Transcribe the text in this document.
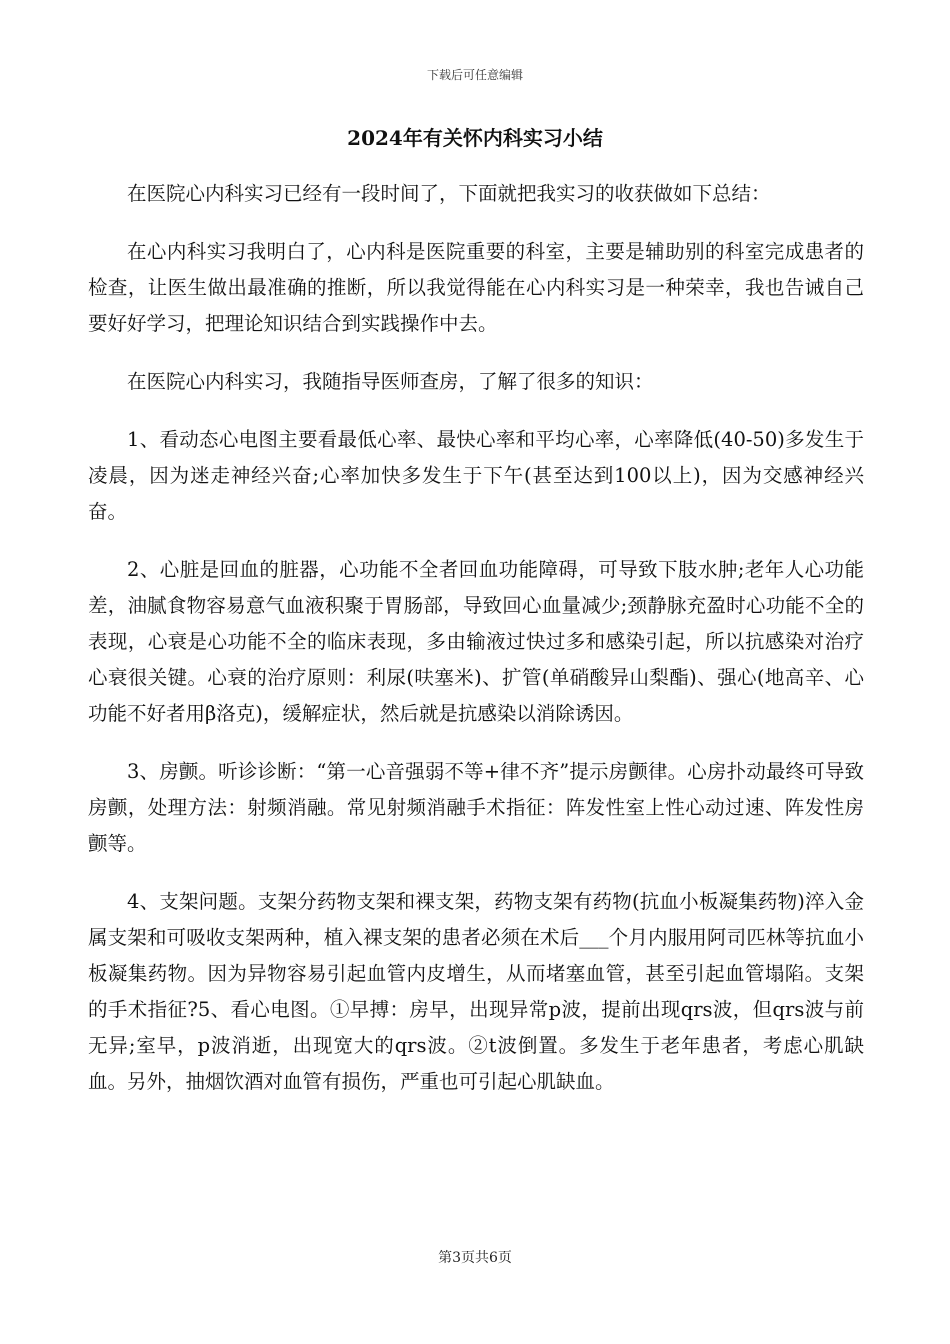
下载后可任意编辑
2024年有关怀内科实习小结

在医院心内科实习已经有一段时间了，下面就把我实习的收获做如下总结：

在心内科实习我明白了，心内科是医院重要的科室，主要是辅助别的科室完成患者的检查，让医生做出最准确的推断，所以我觉得能在心内科实习是一种荣幸，我也告诫自己要好好学习，把理论知识结合到实践操作中去。

在医院心内科实习，我随指导医师查房，了解了很多的知识：

1、看动态心电图主要看最低心率、最快心率和平均心率，心率降低(40-50)多发生于凌晨，因为迷走神经兴奋;心率加快多发生于下午(甚至达到100以上)，因为交感神经兴奋。

2、心脏是回血的脏器，心功能不全者回血功能障碍，可导致下肢水肿;老年人心功能差，油腻食物容易意气血液积聚于胃肠部，导致回心血量减少;颈静脉充盈时心功能不全的表现，心衰是心功能不全的临床表现，多由输液过快过多和感染引起，所以抗感染对治疗心衰很关键。心衰的治疗原则：利尿(呋塞米)、扩管(单硝酸异山梨酯)、强心(地高辛、心功能不好者用β洛克)，缓解症状，然后就是抗感染以消除诱因。

3、房颤。听诊诊断：“第一心音强弱不等+律不齐”提示房颤律。心房扑动最终可导致房颤，处理方法：射频消融。常见射频消融手术指征：阵发性室上性心动过速、阵发性房颤等。

4、支架问题。支架分药物支架和裸支架，药物支架有药物(抗血小板凝集药物)淬入金属支架和可吸收支架两种，植入裸支架的患者必须在术后___个月内服用阿司匹林等抗血小板凝集药物。因为异物容易引起血管内皮增生，从而堵塞血管，甚至引起血管塌陷。支架的手术指征?5、看心电图。①早搏：房早，出现异常p波，提前出现qrs波，但qrs波与前无异;室早，p波消逝，出现宽大的qrs波。②t波倒置。多发生于老年患者，考虑心肌缺血。另外，抽烟饮酒对血管有损伤，严重也可引起心肌缺血。

第3页共6页
